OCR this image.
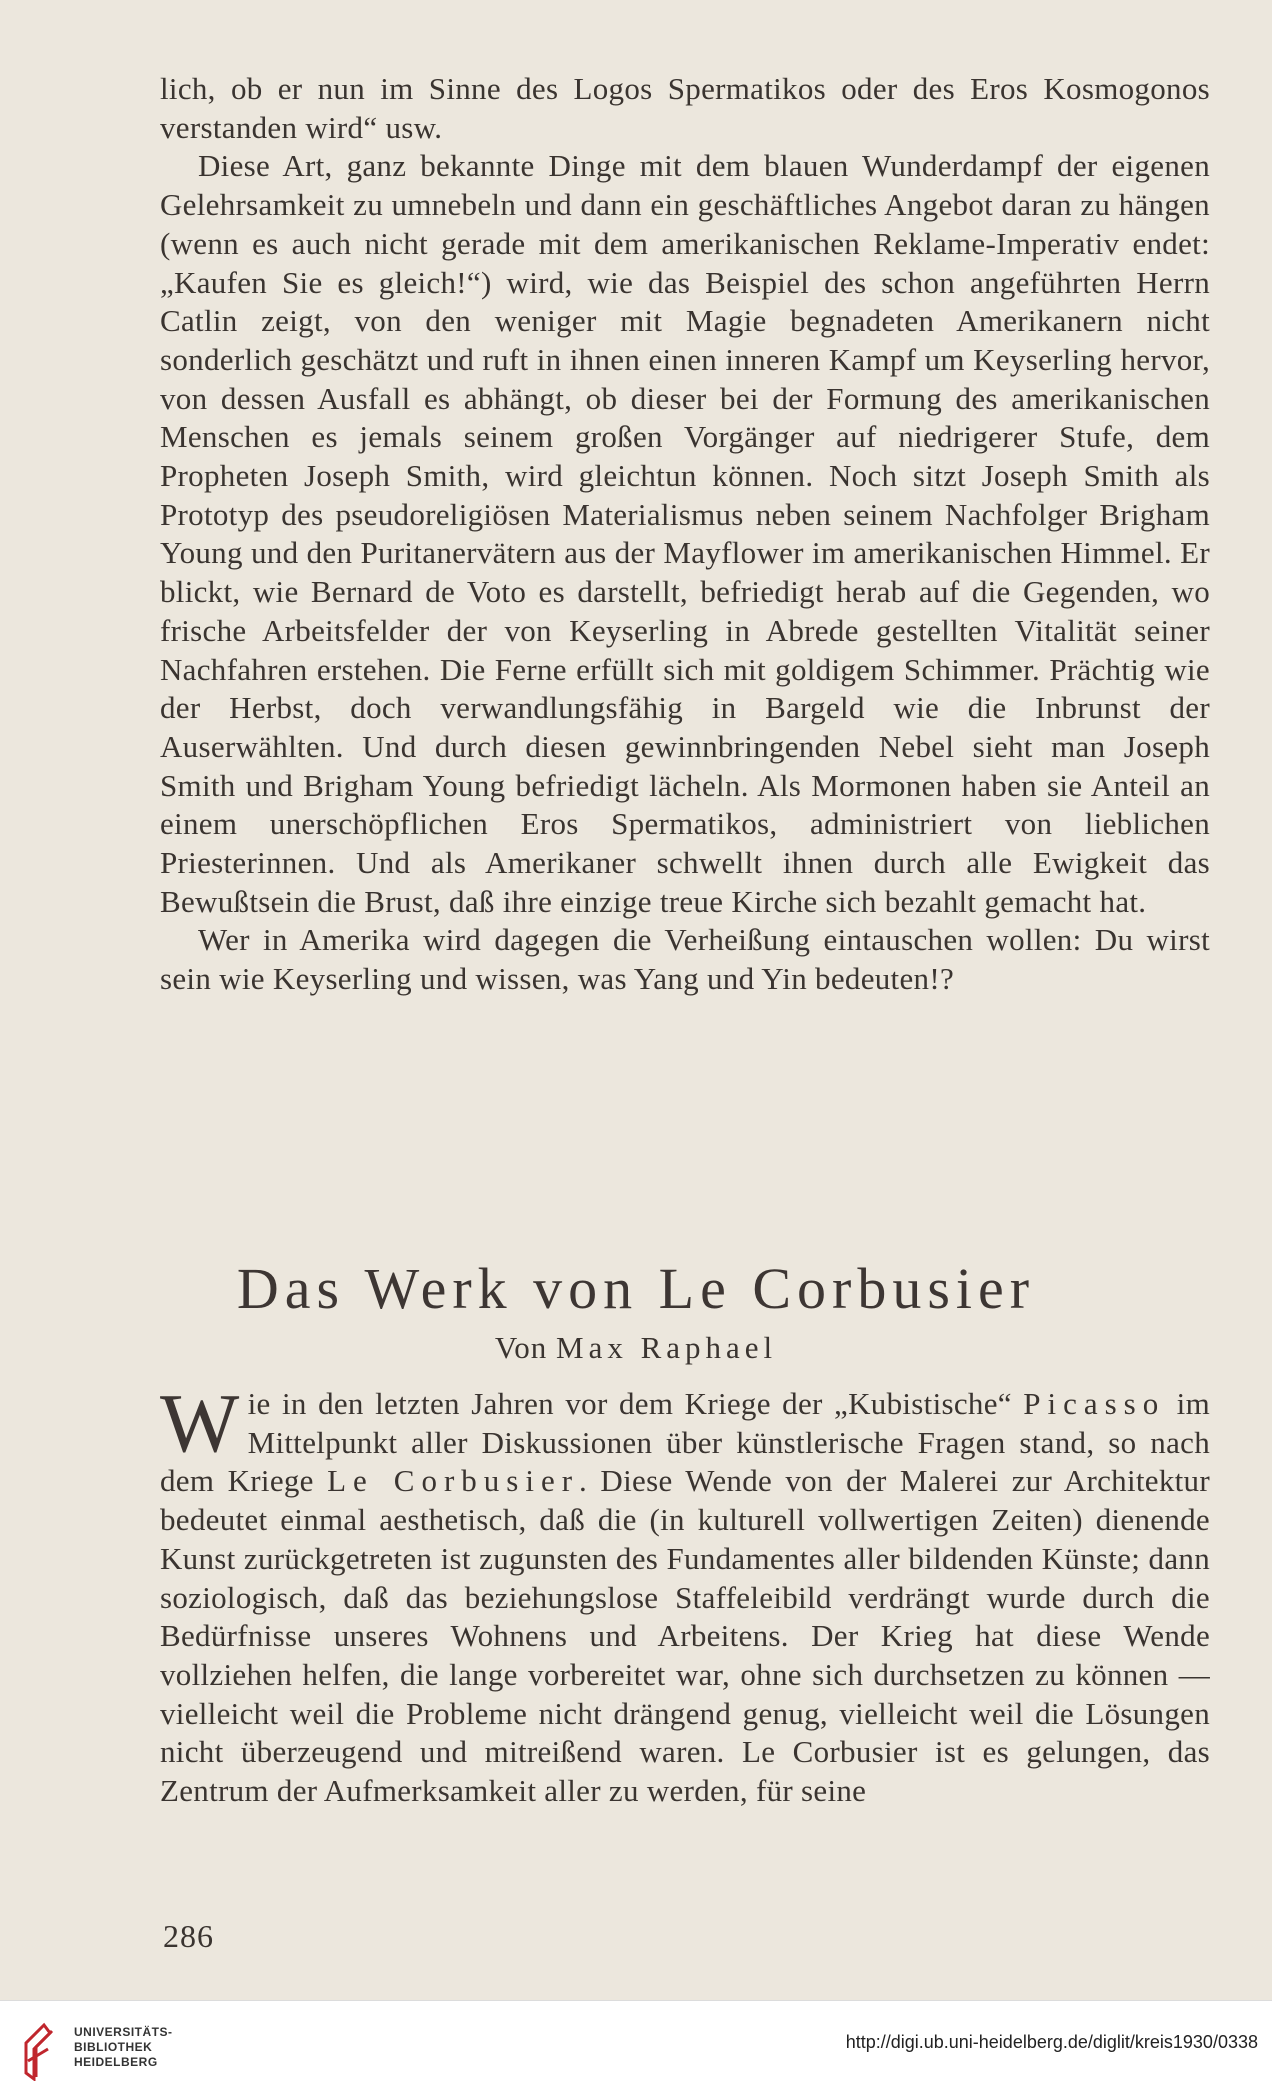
lich, ob er nun im Sinne des Logos Spermatikos oder des Eros Kosmogonos verstanden wird“ usw.

Diese Art, ganz bekannte Dinge mit dem blauen Wunderdampf der eigenen Gelehrsamkeit zu umnebeln und dann ein geschäftliches Angebot daran zu hängen (wenn es auch nicht gerade mit dem amerikanischen Reklame-Imperativ endet: „Kaufen Sie es gleich!“) wird, wie das Beispiel des schon angeführten Herrn Catlin zeigt, von den weniger mit Magie begnadeten Amerikanern nicht sonderlich geschätzt und ruft in ihnen einen inneren Kampf um Keyserling hervor, von dessen Ausfall es abhängt, ob dieser bei der Formung des amerikanischen Menschen es jemals seinem großen Vorgänger auf niedrigerer Stufe, dem Propheten Joseph Smith, wird gleichtun können. Noch sitzt Joseph Smith als Prototyp des pseudoreligiösen Materialismus neben seinem Nachfolger Brigham Young und den Puritanervätern aus der Mayflower im amerikanischen Himmel. Er blickt, wie Bernard de Voto es darstellt, befriedigt herab auf die Gegenden, wo frische Arbeitsfelder der von Keyserling in Abrede gestellten Vitalität seiner Nachfahren erstehen. Die Ferne erfüllt sich mit goldigem Schimmer. Prächtig wie der Herbst, doch verwandlungsfähig in Bargeld wie die Inbrunst der Auserwählten. Und durch diesen gewinnbringenden Nebel sieht man Joseph Smith und Brigham Young befriedigt lächeln. Als Mormonen haben sie Anteil an einem unerschöpflichen Eros Spermatikos, administriert von lieblichen Priesterinnen. Und als Amerikaner schwellt ihnen durch alle Ewigkeit das Bewußtsein die Brust, daß ihre einzige treue Kirche sich bezahlt gemacht hat.

Wer in Amerika wird dagegen die Verheißung eintauschen wollen: Du wirst sein wie Keyserling und wissen, was Yang und Yin bedeuten!?

Das Werk von Le Corbusier
Von Max Raphael

Wie in den letzten Jahren vor dem Kriege der „Kubistische“ Picasso im Mittelpunkt aller Diskussionen über künstlerische Fragen stand, so nach dem Kriege Le Corbusier. Diese Wende von der Malerei zur Architektur bedeutet einmal aesthetisch, daß die (in kulturell vollwertigen Zeiten) dienende Kunst zurückgetreten ist zugunsten des Fundamentes aller bildenden Künste; dann soziologisch, daß das beziehungslose Staffeleibild verdrängt wurde durch die Bedürfnisse unseres Wohnens und Arbeitens. Der Krieg hat diese Wende vollziehen helfen, die lange vorbereitet war, ohne sich durchsetzen zu können — vielleicht weil die Probleme nicht drängend genug, vielleicht weil die Lösungen nicht überzeugend und mitreißend waren. Le Corbusier ist es gelungen, das Zentrum der Aufmerksamkeit aller zu werden, für seine

286
UNIVERSITÄTS-
BIBLIOTHEK
HEIDELBERG
http://digi.ub.uni-heidelberg.de/diglit/kreis1930/0338
